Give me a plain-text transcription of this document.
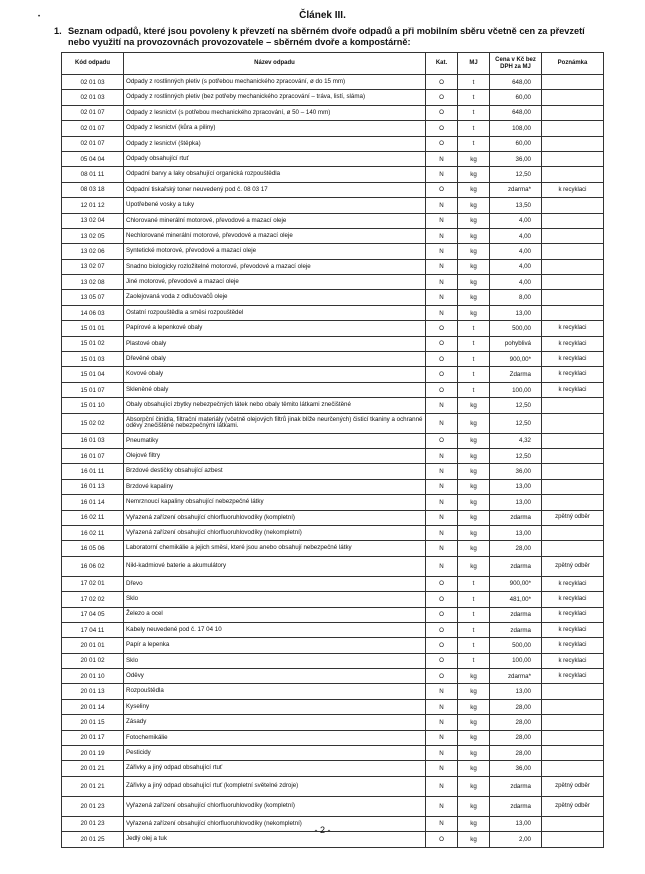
•	Článek III.
1. Seznam odpadů, které jsou povoleny k převzetí na sběrném dvoře odpadů a při mobilním sběru včetně cen za převzetí nebo využití na provozovnách provozovatele – sběrném dvoře a kompostárně:
Kód odpadu	Název odpadu	Kat.	MJ	Cena v Kč bez DPH za MJ	Poznámka
02 01 03	Odpady z rostlinných pletiv (s potřebou mechanického zpracování, ø do 15 mm)	O	t	648,00	
02 01 03	Odpady z rostlinných pletiv (bez potřeby mechanického zpracování – tráva, listí, sláma)	O	t	60,00	
02 01 07	Odpady z lesnictví (s potřebou mechanického zpracování, ø 50 – 140 mm)	O	t	648,00	
02 01 07	Odpady z lesnictví (kůra a piliny)	O	t	108,00	
02 01 07	Odpady z lesnictví (štěpka)	O	t	60,00	
05 04 04	Odpady obsahující rtuť	N	kg	36,00	
08 01 11	Odpadní barvy a laky obsahující organická rozpouštědla	N	kg	12,50	
08 03 18	Odpadní tiskařský toner neuvedený pod č. 08 03 17	O	kg	zdarma*	k recyklaci
12 01 12	Upotřebené vosky a tuky	N	kg	13,50	
13 02 04	Chlorované minerální motorové, převodové a mazací oleje	N	kg	4,00	
13 02 05	Nechlorované minerální motorové, převodové a mazací oleje	N	kg	4,00	
13 02 06	Syntetické motorové, převodové a mazací oleje	N	kg	4,00	
13 02 07	Snadno biologicky rozložitelné motorové, převodové a mazací oleje	N	kg	4,00	
13 02 08	Jiné motorové, převodové a mazací oleje	N	kg	4,00	
13 05 07	Zaolejovaná voda z odlučovačů oleje	N	kg	8,00	
14 06 03	Ostatní rozpouštědla a směsi rozpouštědel	N	kg	13,00	
15 01 01	Papírové a lepenkové obaly	O	t	500,00	k recyklaci
15 01 02	Plastové obaly	O	t	pohyblivá	k recyklaci
15 01 03	Dřevěné obaly	O	t	900,00*	k recyklaci
15 01 04	Kovové obaly	O	t	Zdarma	k recyklaci
15 01 07	Skleněné obaly	O	t	100,00	k recyklaci
15 01 10	Obaly obsahující zbytky nebezpečných látek nebo obaly těmito látkami znečištěné	N	kg	12,50	
15 02 02	Absorpční činidla, filtrační materiály (včetně olejových filtrů jinak blíže neurčených) čisticí tkaniny a ochranné oděvy znečištěné nebezpečnými látkami.	N	kg	12,50	
16 01 03	Pneumatiky	O	kg	4,32	
16 01 07	Olejové filtry	N	kg	12,50	
16 01 11	Brzdové destičky obsahující azbest	N	kg	36,00	
16 01 13	Brzdové kapaliny	N	kg	13,00	
16 01 14	Nemrznoucí kapaliny obsahující nebezpečné látky	N	kg	13,00	
16 02 11	Vyřazená zařízení obsahující chlorfluoruhlovodíky (kompletní)	N	kg	zdarma	zpětný odběr
16 02 11	Vyřazená zařízení obsahující chlorfluoruhlovodíky (nekompletní)	N	kg	13,00	
16 05 06	Laboratorní chemikálie a jejich směsi, které jsou anebo obsahují nebezpečné látky	N	kg	28,00	
16 06 02	Nikl-kadmiové baterie a akumulátory	N	kg	zdarma	zpětný odběr
17 02 01	Dřevo	O	t	900,00*	k recyklaci
17 02 02	Sklo	O	t	481,00*	k recyklaci
17 04 05	Železo a ocel	O	t	zdarma	k recyklaci
17 04 11	Kabely neuvedené pod č. 17 04 10	O	t	zdarma	k recyklaci
20 01 01	Papír a lepenka	O	t	500,00	k recyklaci
20 01 02	Sklo	O	t	100,00	k recyklaci
20 01 10	Oděvy	O	kg	zdarma*	k recyklaci
20 01 13	Rozpouštědla	N	kg	13,00	
20 01 14	Kyseliny	N	kg	28,00	
20 01 15	Zásady	N	kg	28,00	
20 01 17	Fotochemikálie	N	kg	28,00	
20 01 19	Pesticidy	N	kg	28,00	
20 01 21	Zářivky a jiný odpad obsahující rtuť	N	kg	36,00	
20 01 21	Zářivky a jiný odpad obsahující rtuť (kompletní světelné zdroje)	N	kg	zdarma	zpětný odběr
20 01 23	Vyřazená zařízení obsahující chlorfluoruhlovodíky (kompletní)	N	kg	zdarma	zpětný odběr
20 01 23	Vyřazená zařízení obsahující chlorfluoruhlovodíky (nekompletní)	N	kg	13,00	
20 01 25	Jedlý olej a tuk	O	kg	2,00	
- 2 -
